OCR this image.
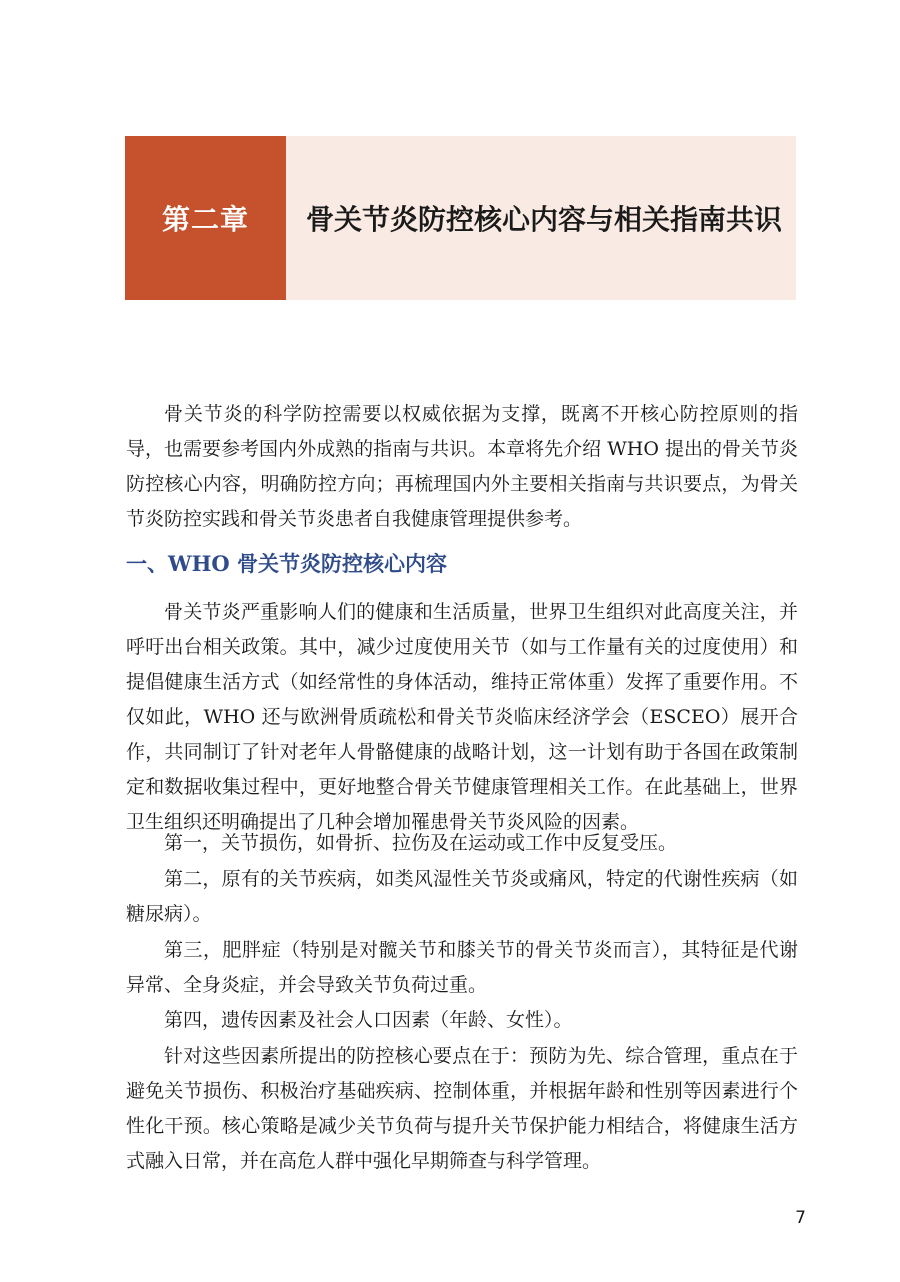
第二章 骨关节炎防控核心内容与相关指南共识

骨关节炎的科学防控需要以权威依据为支撑，既离不开核心防控原则的指导，也需要参考国内外成熟的指南与共识。本章将先介绍 WHO 提出的骨关节炎防控核心内容，明确防控方向；再梳理国内外主要相关指南与共识要点，为骨关节炎防控实践和骨关节炎患者自我健康管理提供参考。

一、WHO 骨关节炎防控核心内容

骨关节炎严重影响人们的健康和生活质量，世界卫生组织对此高度关注，并呼吁出台相关政策。其中，减少过度使用关节（如与工作量有关的过度使用）和提倡健康生活方式（如经常性的身体活动，维持正常体重）发挥了重要作用。不仅如此，WHO 还与欧洲骨质疏松和骨关节炎临床经济学会（ESCEO）展开合作，共同制订了针对老年人骨骼健康的战略计划，这一计划有助于各国在政策制定和数据收集过程中，更好地整合骨关节健康管理相关工作。在此基础上，世界卫生组织还明确提出了几种会增加罹患骨关节炎风险的因素。

第一，关节损伤，如骨折、拉伤及在运动或工作中反复受压。

第二，原有的关节疾病，如类风湿性关节炎或痛风，特定的代谢性疾病（如糖尿病）。

第三，肥胖症（特别是对髋关节和膝关节的骨关节炎而言），其特征是代谢异常、全身炎症，并会导致关节负荷过重。

第四，遗传因素及社会人口因素（年龄、女性）。

针对这些因素所提出的防控核心要点在于：预防为先、综合管理，重点在于避免关节损伤、积极治疗基础疾病、控制体重，并根据年龄和性别等因素进行个性化干预。核心策略是减少关节负荷与提升关节保护能力相结合，将健康生活方式融入日常，并在高危人群中强化早期筛查与科学管理。

7
